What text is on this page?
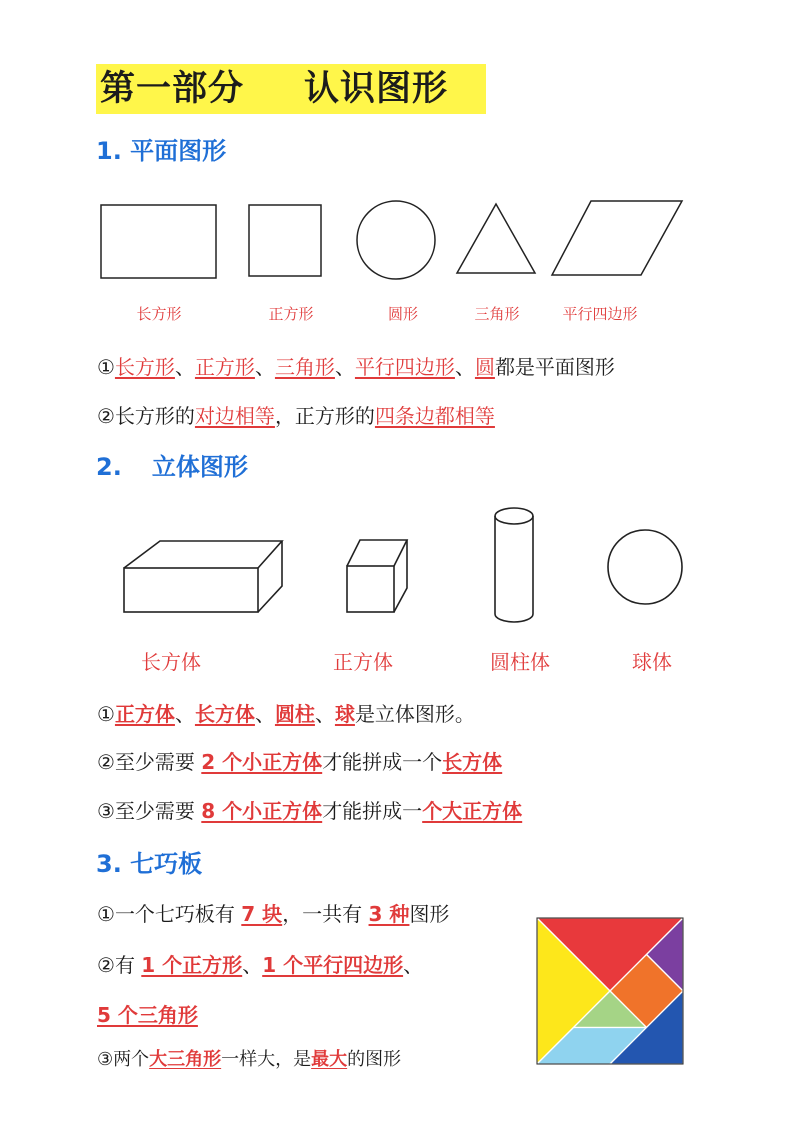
第一部分 认识图形
1. 平面图形
长方形	正方形	圆形	三角形	平行四边形
①长方形、正方形、三角形、平行四边形、圆都是平面图形
②长方形的对边相等，正方形的四条边都相等
2. 立体图形
长方体	正方体	圆柱体	球体
①正方体、长方体、圆柱、球是立体图形。
②至少需要 2 个小正方体才能拼成一个长方体
③至少需要 8 个小正方体才能拼成一个大正方体
3. 七巧板
①一个七巧板有 7 块，一共有 3 种图形
②有 1 个正方形、1 个平行四边形、
5 个三角形
③两个大三角形一样大，是最大的图形
